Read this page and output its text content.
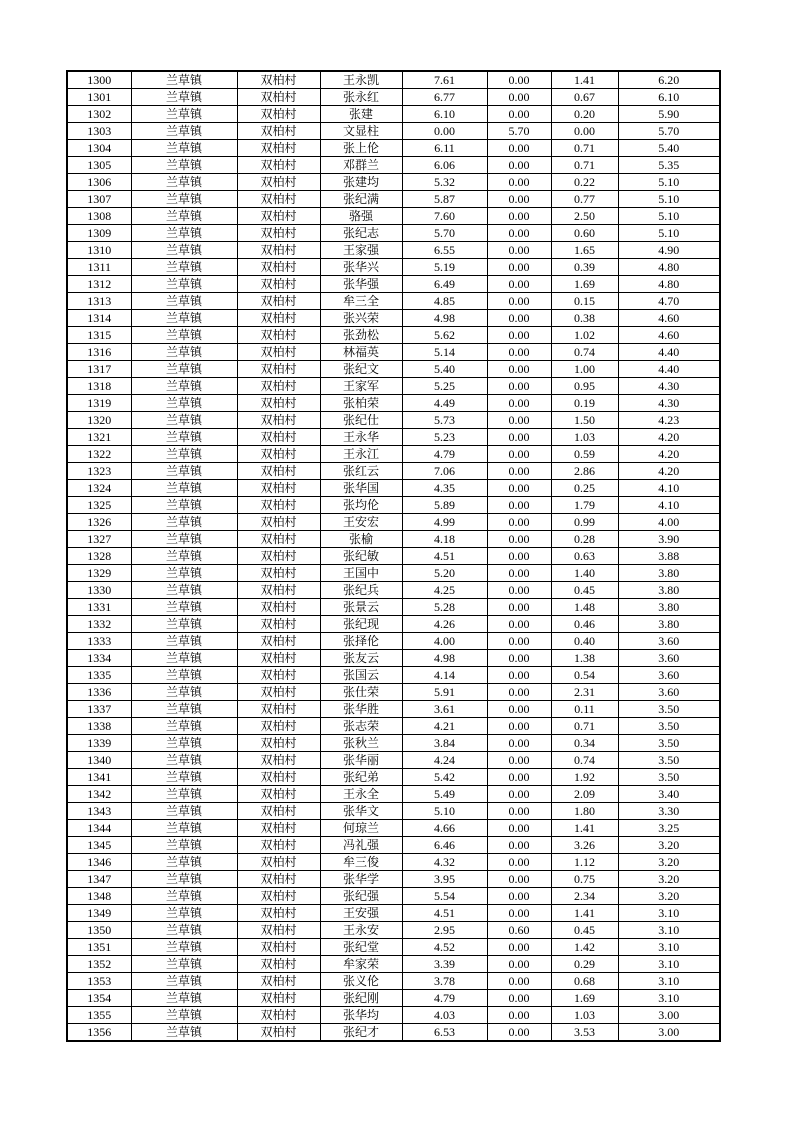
1300	兰草镇	双柏村	王永凯	7.61	0.00	1.41	6.20
1301	兰草镇	双柏村	张永红	6.77	0.00	0.67	6.10
1302	兰草镇	双柏村	张建	6.10	0.00	0.20	5.90
1303	兰草镇	双柏村	文显柱	0.00	5.70	0.00	5.70
1304	兰草镇	双柏村	张上伦	6.11	0.00	0.71	5.40
1305	兰草镇	双柏村	邓群兰	6.06	0.00	0.71	5.35
1306	兰草镇	双柏村	张建均	5.32	0.00	0.22	5.10
1307	兰草镇	双柏村	张纪满	5.87	0.00	0.77	5.10
1308	兰草镇	双柏村	骆强	7.60	0.00	2.50	5.10
1309	兰草镇	双柏村	张纪志	5.70	0.00	0.60	5.10
1310	兰草镇	双柏村	王家强	6.55	0.00	1.65	4.90
1311	兰草镇	双柏村	张华兴	5.19	0.00	0.39	4.80
1312	兰草镇	双柏村	张华强	6.49	0.00	1.69	4.80
1313	兰草镇	双柏村	牟三全	4.85	0.00	0.15	4.70
1314	兰草镇	双柏村	张兴荣	4.98	0.00	0.38	4.60
1315	兰草镇	双柏村	张劲松	5.62	0.00	1.02	4.60
1316	兰草镇	双柏村	林福英	5.14	0.00	0.74	4.40
1317	兰草镇	双柏村	张纪文	5.40	0.00	1.00	4.40
1318	兰草镇	双柏村	王家军	5.25	0.00	0.95	4.30
1319	兰草镇	双柏村	张柏荣	4.49	0.00	0.19	4.30
1320	兰草镇	双柏村	张纪仕	5.73	0.00	1.50	4.23
1321	兰草镇	双柏村	王永华	5.23	0.00	1.03	4.20
1322	兰草镇	双柏村	王永江	4.79	0.00	0.59	4.20
1323	兰草镇	双柏村	张红云	7.06	0.00	2.86	4.20
1324	兰草镇	双柏村	张华国	4.35	0.00	0.25	4.10
1325	兰草镇	双柏村	张均伦	5.89	0.00	1.79	4.10
1326	兰草镇	双柏村	王安宏	4.99	0.00	0.99	4.00
1327	兰草镇	双柏村	张榆	4.18	0.00	0.28	3.90
1328	兰草镇	双柏村	张纪敏	4.51	0.00	0.63	3.88
1329	兰草镇	双柏村	王国中	5.20	0.00	1.40	3.80
1330	兰草镇	双柏村	张纪兵	4.25	0.00	0.45	3.80
1331	兰草镇	双柏村	张景云	5.28	0.00	1.48	3.80
1332	兰草镇	双柏村	张纪现	4.26	0.00	0.46	3.80
1333	兰草镇	双柏村	张择伦	4.00	0.00	0.40	3.60
1334	兰草镇	双柏村	张友云	4.98	0.00	1.38	3.60
1335	兰草镇	双柏村	张国云	4.14	0.00	0.54	3.60
1336	兰草镇	双柏村	张仕荣	5.91	0.00	2.31	3.60
1337	兰草镇	双柏村	张华胜	3.61	0.00	0.11	3.50
1338	兰草镇	双柏村	张志荣	4.21	0.00	0.71	3.50
1339	兰草镇	双柏村	张秋兰	3.84	0.00	0.34	3.50
1340	兰草镇	双柏村	张华丽	4.24	0.00	0.74	3.50
1341	兰草镇	双柏村	张纪弟	5.42	0.00	1.92	3.50
1342	兰草镇	双柏村	王永全	5.49	0.00	2.09	3.40
1343	兰草镇	双柏村	张华文	5.10	0.00	1.80	3.30
1344	兰草镇	双柏村	何琼兰	4.66	0.00	1.41	3.25
1345	兰草镇	双柏村	冯礼强	6.46	0.00	3.26	3.20
1346	兰草镇	双柏村	牟三俊	4.32	0.00	1.12	3.20
1347	兰草镇	双柏村	张华学	3.95	0.00	0.75	3.20
1348	兰草镇	双柏村	张纪强	5.54	0.00	2.34	3.20
1349	兰草镇	双柏村	王安强	4.51	0.00	1.41	3.10
1350	兰草镇	双柏村	王永安	2.95	0.60	0.45	3.10
1351	兰草镇	双柏村	张纪堂	4.52	0.00	1.42	3.10
1352	兰草镇	双柏村	牟家荣	3.39	0.00	0.29	3.10
1353	兰草镇	双柏村	张义伦	3.78	0.00	0.68	3.10
1354	兰草镇	双柏村	张纪刚	4.79	0.00	1.69	3.10
1355	兰草镇	双柏村	张华均	4.03	0.00	1.03	3.00
1356	兰草镇	双柏村	张纪才	6.53	0.00	3.53	3.00
